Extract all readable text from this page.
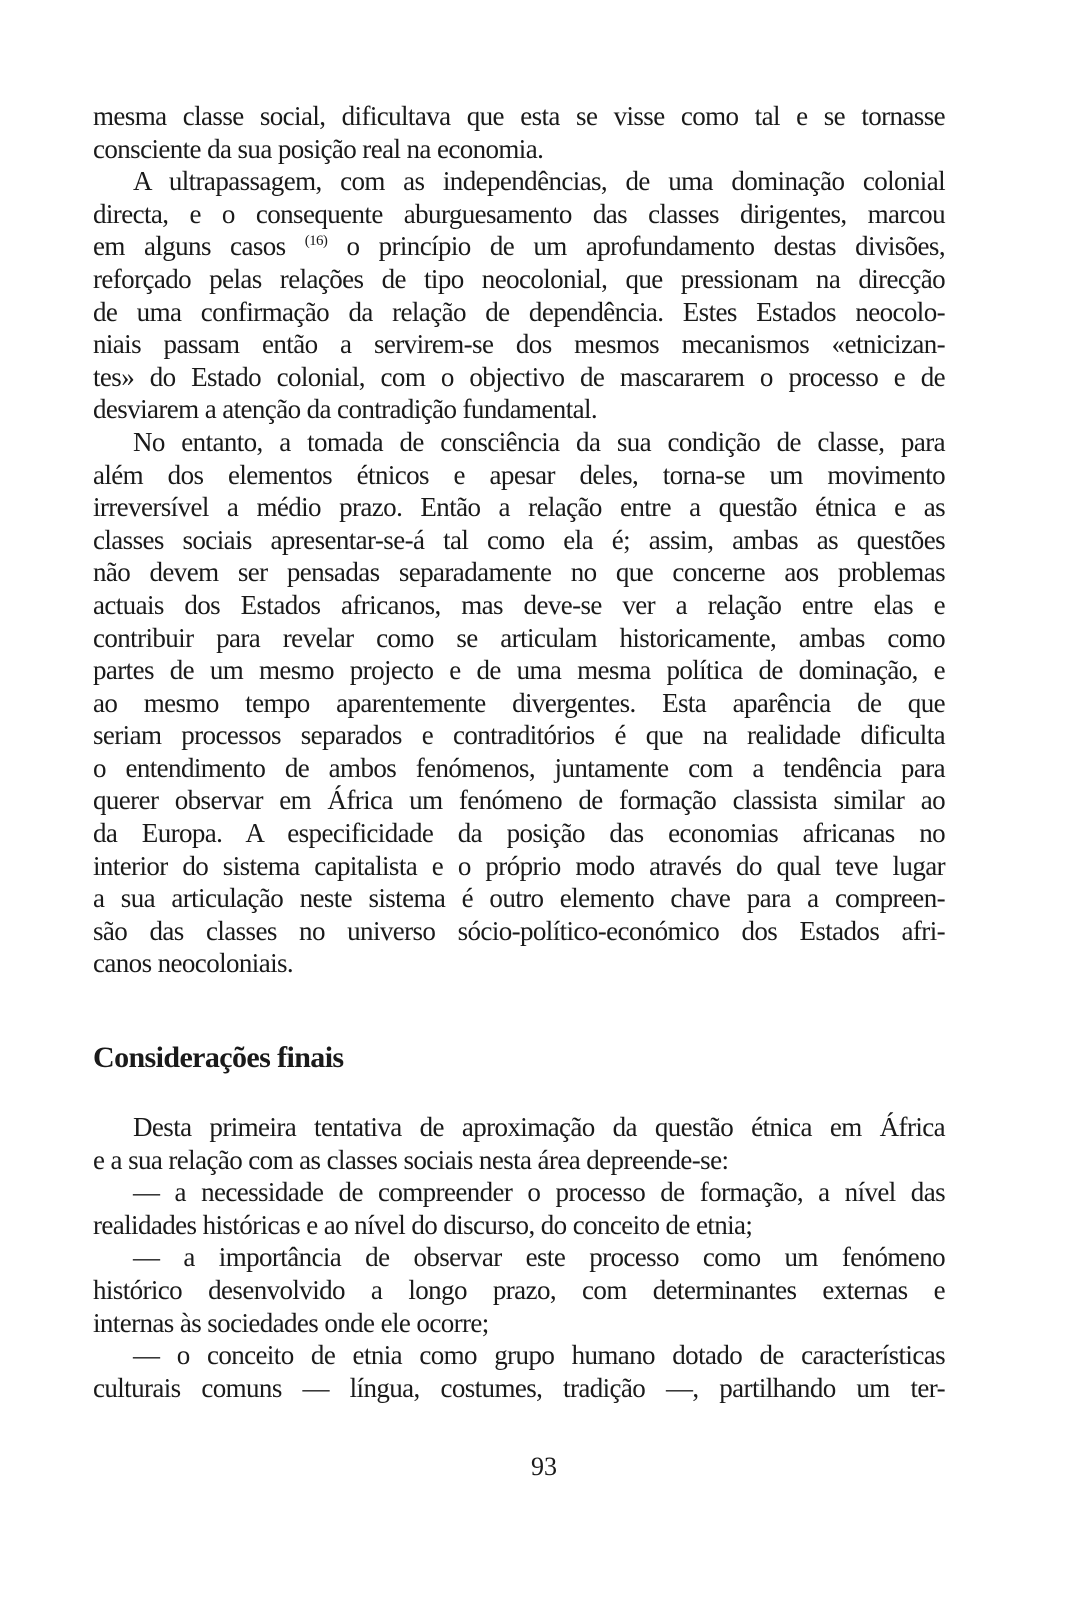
mesma classe social, dificultava que esta se visse como tal e se tornasse
consciente da sua posição real na economia.
A ultrapassagem, com as independências, de uma dominação colonial
directa, e o consequente aburguesamento das classes dirigentes, marcou
em alguns casos $^{(16)}$ o princípio de um aprofundamento destas divisões,
reforçado pelas relações de tipo neocolonial, que pressionam na direcção
de uma confirmação da relação de dependência. Estes Estados neocolo-
niais passam então a servirem-se dos mesmos mecanismos «etnicizan-
tes» do Estado colonial, com o objectivo de mascararem o processo e de
desviarem a atenção da contradição fundamental.
No entanto, a tomada de consciência da sua condição de classe, para
além dos elementos étnicos e apesar deles, torna-se um movimento
irreversível a médio prazo. Então a relação entre a questão étnica e as
classes sociais apresentar-se-á tal como ela é; assim, ambas as questões
não devem ser pensadas separadamente no que concerne aos problemas
actuais dos Estados africanos, mas deve-se ver a relação entre elas e
contribuir para revelar como se articulam historicamente, ambas como
partes de um mesmo projecto e de uma mesma política de dominação, e
ao mesmo tempo aparentemente divergentes. Esta aparência de que
seriam processos separados e contraditórios é que na realidade dificulta
o entendimento de ambos fenómenos, juntamente com a tendência para
querer observar em África um fenómeno de formação classista similar ao
da Europa. A especificidade da posição das economias africanas no
interior do sistema capitalista e o próprio modo através do qual teve lugar
a sua articulação neste sistema é outro elemento chave para a compreen-
são das classes no universo sócio-político-económico dos Estados afri-
canos neocoloniais.
Considerações finais
Desta primeira tentativa de aproximação da questão étnica em África
e a sua relação com as classes sociais nesta área depreende-se:
— a necessidade de compreender o processo de formação, a nível das
realidades históricas e ao nível do discurso, do conceito de etnia;
— a importância de observar este processo como um fenómeno
histórico desenvolvido a longo prazo, com determinantes externas e
internas às sociedades onde ele ocorre;
— o conceito de etnia como grupo humano dotado de características
culturais comuns — língua, costumes, tradição —, partilhando um ter-
93
